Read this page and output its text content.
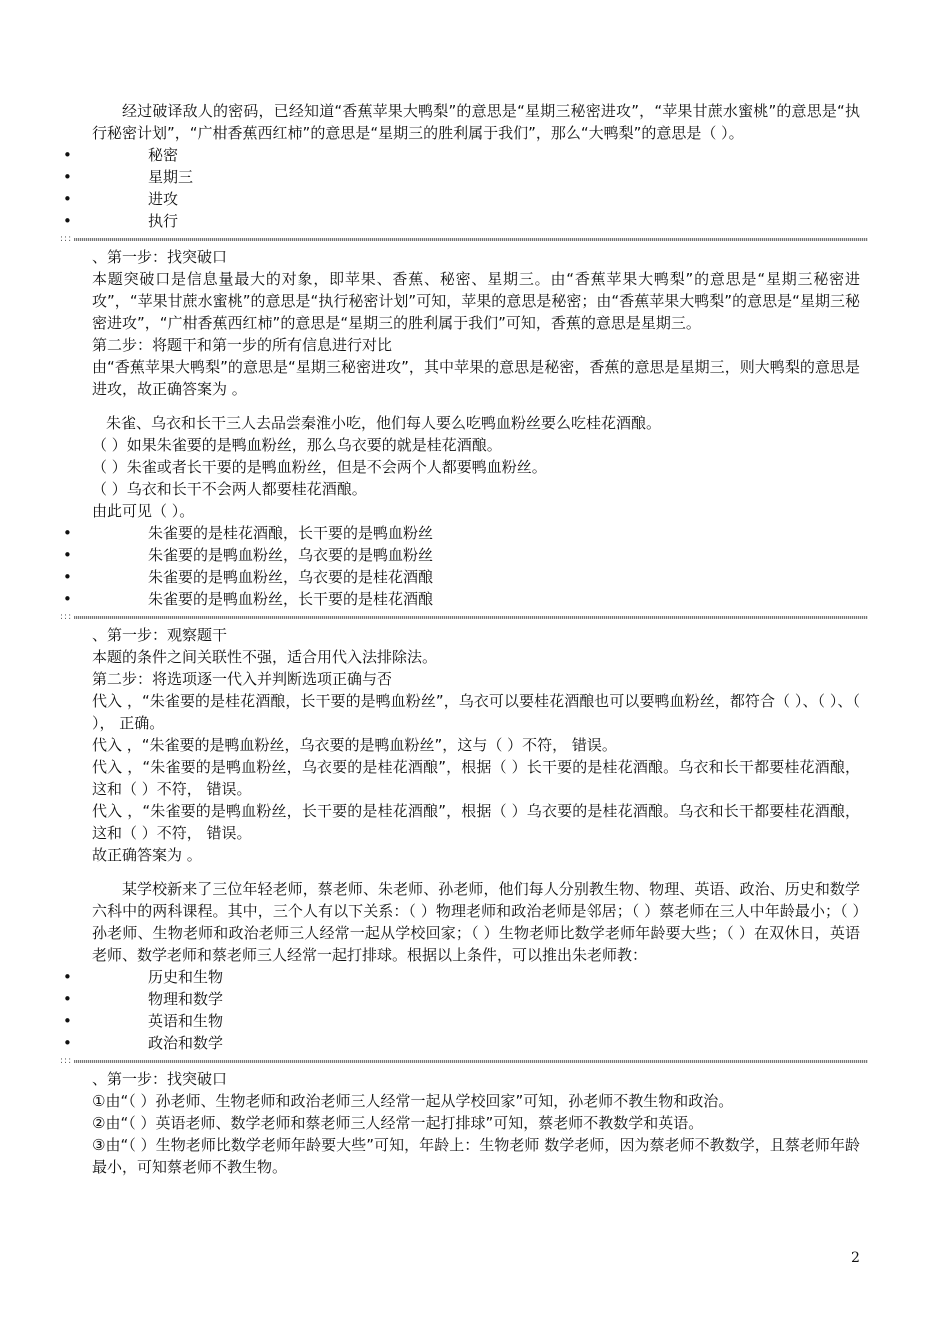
经过破译敌人的密码，已经知道“香蕉苹果大鸭梨”的意思是“星期三秘密进攻”，“苹果甘蔗水蜜桃”的意思是“执行秘密计划”，“广柑香蕉西红柿”的意思是“星期三的胜利属于我们”，那么“大鸭梨”的意思是（ ）。

•	秘密
•	星期三
•	进攻
•	执行
:::

、第一步：找突破口

本题突破口是信息量最大的对象，即苹果、香蕉、秘密、星期三。由“香蕉苹果大鸭梨”的意思是“星期三秘密进攻”，“苹果甘蔗水蜜桃”的意思是“执行秘密计划”可知，苹果的意思是秘密；由“香蕉苹果大鸭梨”的意思是“星期三秘密进攻”，“广柑香蕉西红柿”的意思是“星期三的胜利属于我们”可知，香蕉的意思是星期三。

第二步：将题干和第一步的所有信息进行对比

由“香蕉苹果大鸭梨”的意思是“星期三秘密进攻”，其中苹果的意思是秘密，香蕉的意思是星期三，则大鸭梨的意思是进攻，故正确答案为 。

朱雀、乌衣和长干三人去品尝秦淮小吃，他们每人要么吃鸭血粉丝要么吃桂花酒酿。

（ ）如果朱雀要的是鸭血粉丝，那么乌衣要的就是桂花酒酿。

（ ）朱雀或者长干要的是鸭血粉丝，但是不会两个人都要鸭血粉丝。

（ ）乌衣和长干不会两人都要桂花酒酿。

由此可见（ ）。

•	朱雀要的是桂花酒酿，长干要的是鸭血粉丝
•	朱雀要的是鸭血粉丝，乌衣要的是鸭血粉丝
•	朱雀要的是鸭血粉丝，乌衣要的是桂花酒酿
•	朱雀要的是鸭血粉丝，长干要的是桂花酒酿
:::

、第一步：观察题干

本题的条件之间关联性不强，适合用代入法排除法。

第二步：将选项逐一代入并判断选项正确与否

代入 ，“朱雀要的是桂花酒酿，长干要的是鸭血粉丝”，乌衣可以要桂花酒酿也可以要鸭血粉丝，都符合（ ）、（ ）、（ ）， 正确。

代入 ，“朱雀要的是鸭血粉丝，乌衣要的是鸭血粉丝”，这与（ ）不符， 错误。

代入 ，“朱雀要的是鸭血粉丝，乌衣要的是桂花酒酿”，根据（ ）长干要的是桂花酒酿。乌衣和长干都要桂花酒酿，这和（ ）不符， 错误。

代入 ，“朱雀要的是鸭血粉丝，长干要的是桂花酒酿”，根据（ ）乌衣要的是桂花酒酿。乌衣和长干都要桂花酒酿，这和（ ）不符， 错误。

故正确答案为 。

某学校新来了三位年轻老师，蔡老师、朱老师、孙老师，他们每人分别教生物、物理、英语、政治、历史和数学六科中的两科课程。其中，三个人有以下关系：（ ）物理老师和政治老师是邻居；（ ）蔡老师在三人中年龄最小；（ ）孙老师、生物老师和政治老师三人经常一起从学校回家；（ ）生物老师比数学老师年龄要大些；（ ）在双休日，英语老师、数学老师和蔡老师三人经常一起打排球。根据以上条件，可以推出朱老师教：

•	历史和生物
•	物理和数学
•	英语和生物
•	政治和数学
:::

、第一步：找突破口

①由“（ ）孙老师、生物老师和政治老师三人经常一起从学校回家”可知，孙老师不教生物和政治。

②由“（ ）英语老师、数学老师和蔡老师三人经常一起打排球”可知，蔡老师不教数学和英语。

③由“（ ）生物老师比数学老师年龄要大些”可知，年龄上：生物老师 数学老师，因为蔡老师不教数学，且蔡老师年龄最小，可知蔡老师不教生物。

2
